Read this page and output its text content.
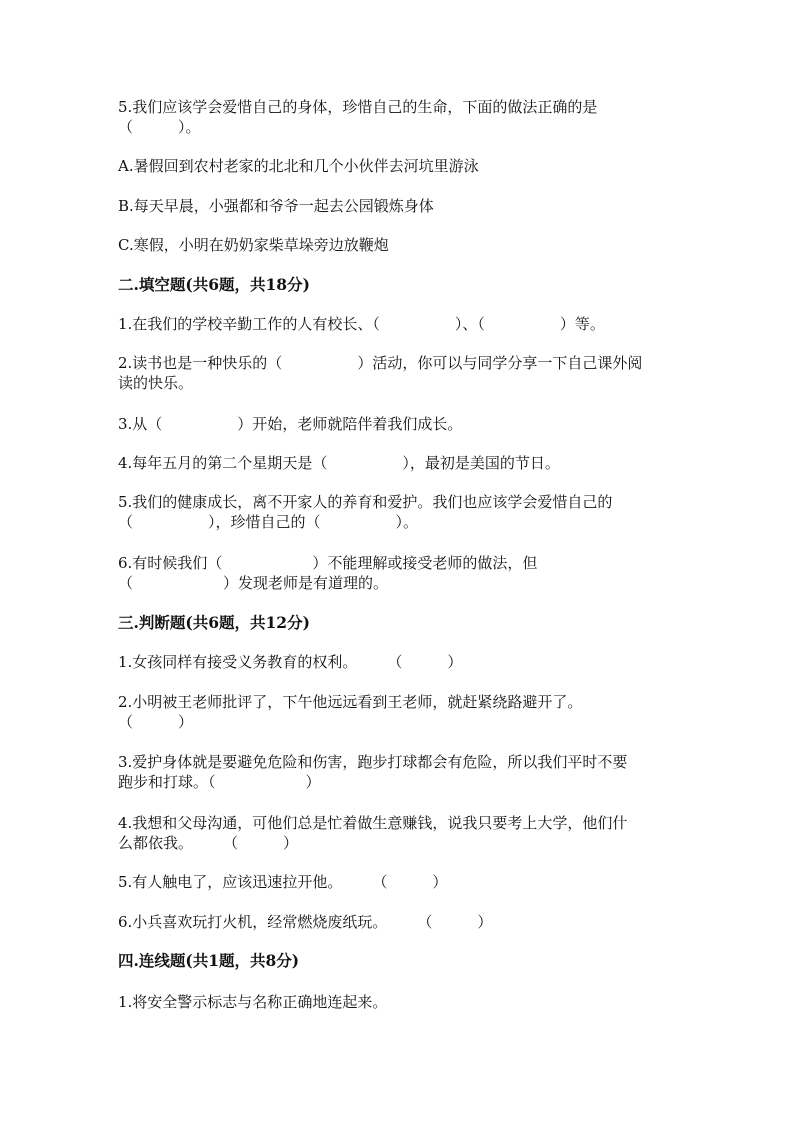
5.我们应该学会爱惜自己的身体，珍惜自己的生命，下面的做法正确的是
（　　　）。
A.暑假回到农村老家的北北和几个小伙伴去河坑里游泳
B.每天早晨，小强都和爷爷一起去公园锻炼身体
C.寒假，小明在奶奶家柴草垛旁边放鞭炮
二.填空题(共6题，共18分)
1.在我们的学校辛勤工作的人有校长、（　　　　　）、（　　　　　）等。
2.读书也是一种快乐的（　　　　　）活动，你可以与同学分享一下自己课外阅
读的快乐。
3.从（　　　　　）开始，老师就陪伴着我们成长。
4.每年五月的第二个星期天是（　　　　　），最初是美国的节日。
5.我们的健康成长，离不开家人的养育和爱护。我们也应该学会爱惜自己的
（　　　　　），珍惜自己的（　　　　　）。
6.有时候我们（　　　　　　）不能理解或接受老师的做法，但
（　　　　　　）发现老师是有道理的。
三.判断题(共6题，共12分)
1.女孩同样有接受义务教育的权利。　　　（　　　）
2.小明被王老师批评了，下午他远远看到王老师，就赶紧绕路避开了。
（　　　）
3.爱护身体就是要避免危险和伤害，跑步打球都会有危险，所以我们平时不要
跑步和打球。（　　　　　　）
4.我想和父母沟通，可他们总是忙着做生意赚钱，说我只要考上大学，他们什
么都依我。　　　（　　　）
5.有人触电了，应该迅速拉开他。　　　（　　　）
6.小兵喜欢玩打火机，经常燃烧废纸玩。　　　（　　　）
四.连线题(共1题，共8分)
1.将安全警示标志与名称正确地连起来。
